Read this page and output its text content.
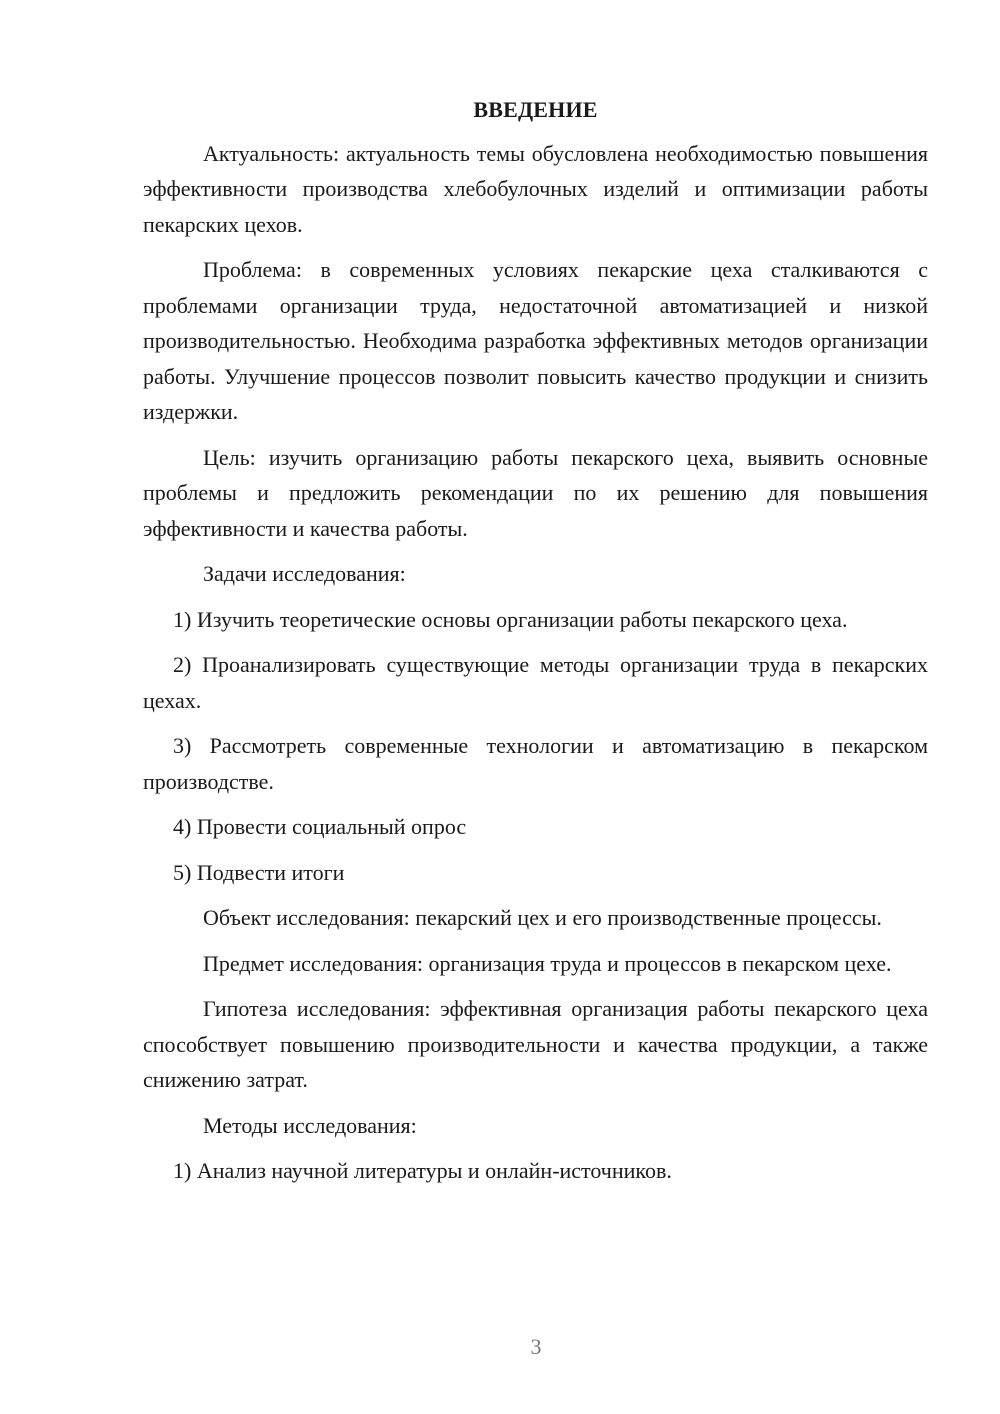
ВВЕДЕНИЕ

Актуальность: актуальность темы обусловлена необходимостью повышения эффективности производства хлебобулочных изделий и оптимизации работы пекарских цехов.

Проблема: в современных условиях пекарские цеха сталкиваются с проблемами организации труда, недостаточной автоматизацией и низкой производительностью. Необходима разработка эффективных методов организации работы. Улучшение процессов позволит повысить качество продукции и снизить издержки.

Цель: изучить организацию работы пекарского цеха, выявить основные проблемы и предложить рекомендации по их решению для повышения эффективности и качества работы.

Задачи исследования:

1) Изучить теоретические основы организации работы пекарского цеха.

2) Проанализировать существующие методы организации труда в пекарских цехах.

3) Рассмотреть современные технологии и автоматизацию в пекарском производстве.

4) Провести социальный опрос

5) Подвести итоги

Объект исследования: пекарский цех и его производственные процессы.

Предмет исследования: организация труда и процессов в пекарском цехе.

Гипотеза исследования: эффективная организация работы пекарского цеха способствует повышению производительности и качества продукции, а также снижению затрат.

Методы исследования:

1) Анализ научной литературы и онлайн-источников.

3
